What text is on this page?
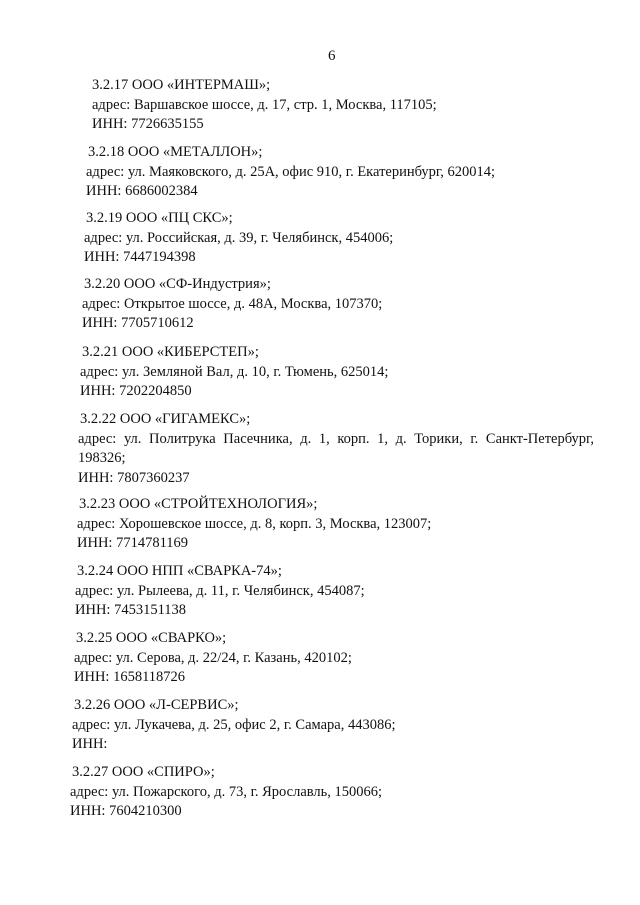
6
3.2.17 ООО «ИНТЕРМАШ»;
адрес: Варшавское шоссе, д. 17, стр. 1, Москва, 117105;
ИНН: 7726635155
3.2.18 ООО «МЕТАЛЛОН»;
адрес: ул. Маяковского, д. 25А, офис 910, г. Екатеринбург, 620014;
ИНН: 6686002384
3.2.19 ООО «ПЦ СКС»;
адрес: ул. Российская, д. 39, г. Челябинск, 454006;
ИНН: 7447194398
3.2.20 ООО «СФ-Индустрия»;
адрес: Открытое шоссе, д. 48А, Москва, 107370;
ИНН: 7705710612
3.2.21 ООО «КИБЕРСТЕП»;
адрес: ул. Земляной Вал, д. 10, г. Тюмень, 625014;
ИНН: 7202204850
3.2.22 ООО «ГИГАМЕКС»;
адрес: ул. Политрука Пасечника, д. 1, корп. 1, д. Торики, г. Санкт-Петербург, 198326;
ИНН: 7807360237
3.2.23 ООО «СТРОЙТЕХНОЛОГИЯ»;
адрес: Хорошевское шоссе, д. 8, корп. 3, Москва, 123007;
ИНН: 7714781169
3.2.24 ООО НПП «СВАРКА-74»;
адрес: ул. Рылеева, д. 11, г. Челябинск, 454087;
ИНН: 7453151138
3.2.25 ООО «СВАРКО»;
адрес: ул. Серова, д. 22/24, г. Казань, 420102;
ИНН: 1658118726
3.2.26 ООО «Л-СЕРВИС»;
адрес: ул. Лукачева, д. 25, офис 2, г. Самара, 443086;
ИНН:
3.2.27 ООО «СПИРО»;
адрес: ул. Пожарского, д. 73, г. Ярославль, 150066;
ИНН: 7604210300
